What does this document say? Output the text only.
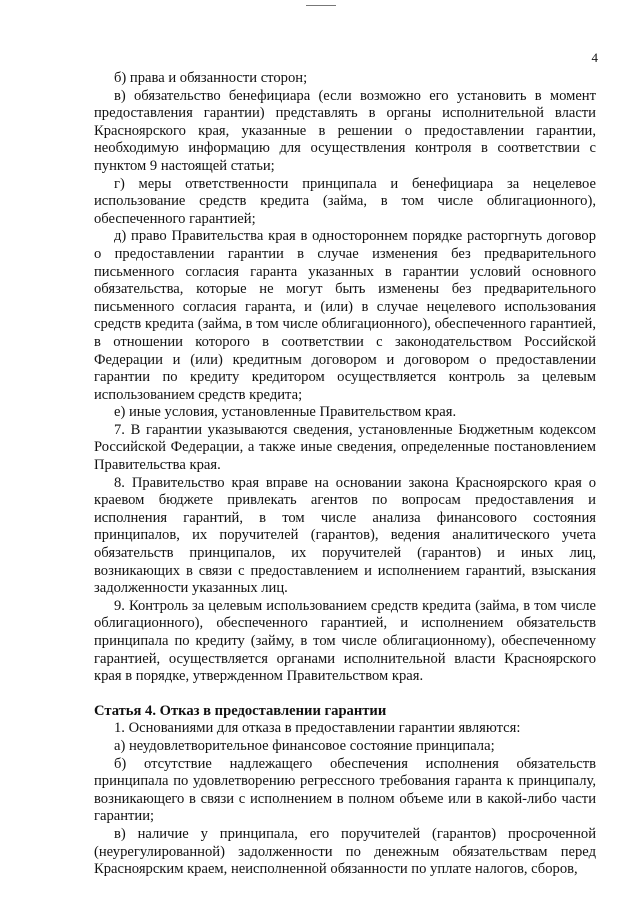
4

б) права и обязанности сторон;

в) обязательство бенефициара (если возможно его установить в момент предоставления гарантии) представлять в органы исполнительной власти Красноярского края, указанные в решении о предоставлении гарантии, необходимую информацию для осуществления контроля в соответствии с пунктом 9 настоящей статьи;

г) меры ответственности принципала и бенефициара за нецелевое использование средств кредита (займа, в том числе облигационного), обеспеченного гарантией;

д) право Правительства края в одностороннем порядке расторгнуть договор о предоставлении гарантии в случае изменения без предварительного письменного согласия гаранта указанных в гарантии условий основного обязательства, которые не могут быть изменены без предварительного письменного согласия гаранта, и (или) в случае нецелевого использования средств кредита (займа, в том числе облигационного), обеспеченного гарантией, в отношении которого в соответствии с законодательством Российской Федерации и (или) кредитным договором и договором о предоставлении гарантии по кредиту кредитором осуществляется контроль за целевым использованием средств кредита;

е) иные условия, установленные Правительством края.

7. В гарантии указываются сведения, установленные Бюджетным кодексом Российской Федерации, а также иные сведения, определенные постановлением Правительства края.

8. Правительство края вправе на основании закона Красноярского края о краевом бюджете привлекать агентов по вопросам предоставления и исполнения гарантий, в том числе анализа финансового состояния принципалов, их поручителей (гарантов), ведения аналитического учета обязательств принципалов, их поручителей (гарантов) и иных лиц, возникающих в связи с предоставлением и исполнением гарантий, взыскания задолженности указанных лиц.

9. Контроль за целевым использованием средств кредита (займа, в том числе облигационного), обеспеченного гарантией, и исполнением обязательств принципала по кредиту (займу, в том числе облигационному), обеспеченному гарантией, осуществляется органами исполнительной власти Красноярского края в порядке, утвержденном Правительством края.

Статья 4. Отказ в предоставлении гарантии

1. Основаниями для отказа в предоставлении гарантии являются:

а) неудовлетворительное финансовое состояние принципала;

б) отсутствие надлежащего обеспечения исполнения обязательств принципала по удовлетворению регрессного требования гаранта к принципалу, возникающего в связи с исполнением в полном объеме или в какой-либо части гарантии;

в) наличие у принципала, его поручителей (гарантов) просроченной (неурегулированной) задолженности по денежным обязательствам перед Красноярским краем, неисполненной обязанности по уплате налогов, сборов,
